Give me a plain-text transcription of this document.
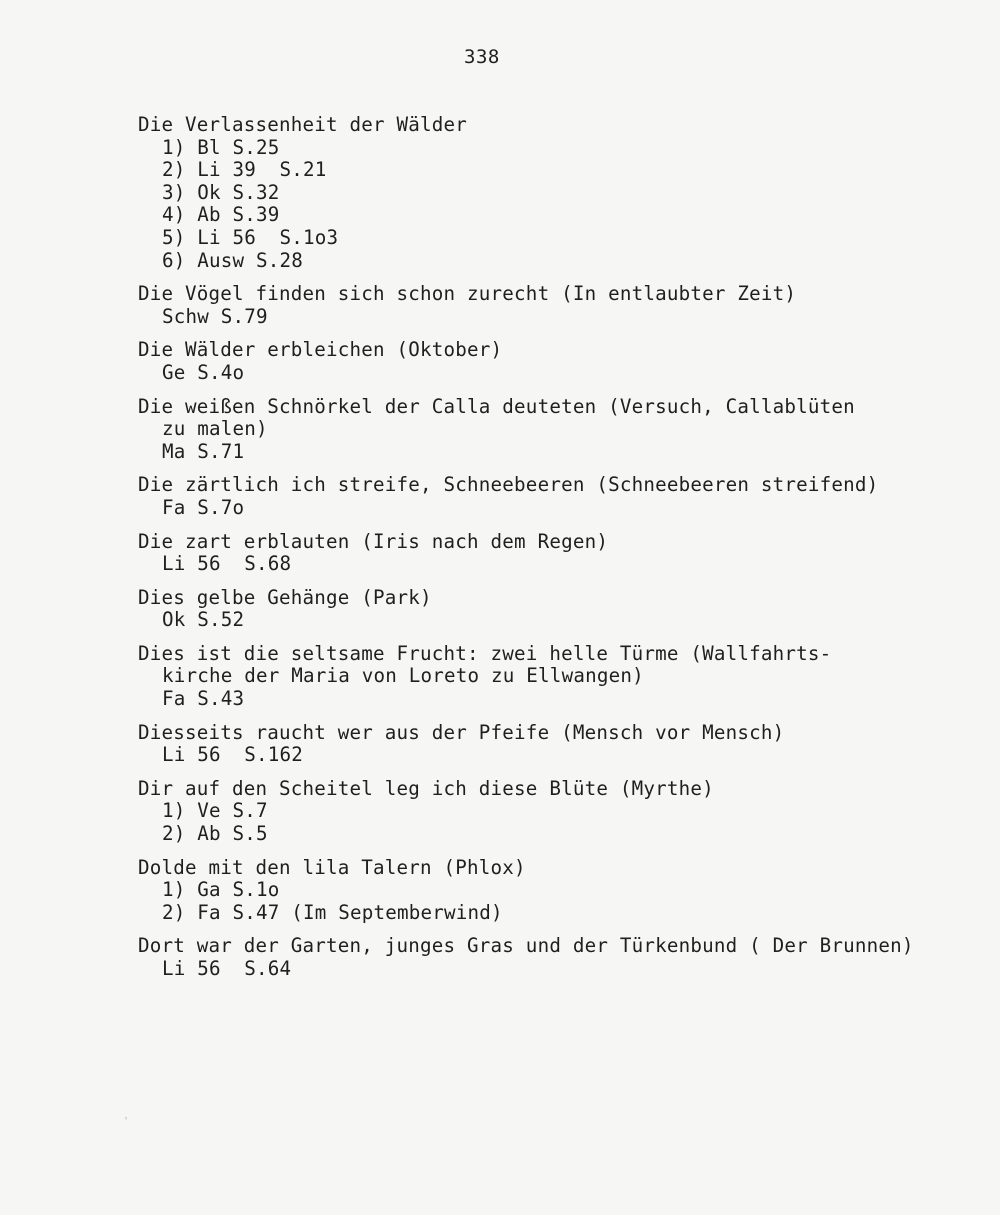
338
Die Verlassenheit der Wälder
1) Bl S.25
2) Li 39  S.21
3) Ok S.32
4) Ab S.39
5) Li 56  S.1o3
6) Ausw S.28
Die Vögel finden sich schon zurecht (In entlaubter Zeit)
Schw S.79
Die Wälder erbleichen (Oktober)
Ge S.4o
Die weißen Schnörkel der Calla deuteten (Versuch, Callablüten
zu malen)
Ma S.71
Die zärtlich ich streife, Schneebeeren (Schneebeeren streifend)
Fa S.7o
Die zart erblauten (Iris nach dem Regen)
Li 56  S.68
Dies gelbe Gehänge (Park)
Ok S.52
Dies ist die seltsame Frucht: zwei helle Türme (Wallfahrts-
kirche der Maria von Loreto zu Ellwangen)
Fa S.43
Diesseits raucht wer aus der Pfeife (Mensch vor Mensch)
Li 56  S.162
Dir auf den Scheitel leg ich diese Blüte (Myrthe)
1) Ve S.7
2) Ab S.5
Dolde mit den lila Talern (Phlox)
1) Ga S.1o
2) Fa S.47 (Im Septemberwind)
Dort war der Garten, junges Gras und der Türkenbund ( Der Brunnen)
Li 56  S.64
ˌ
